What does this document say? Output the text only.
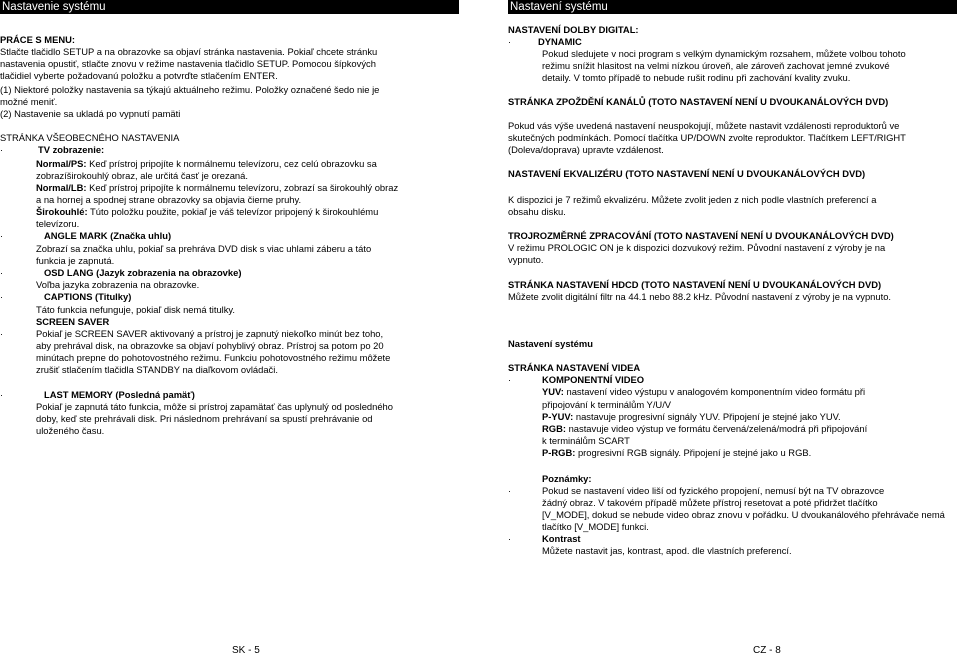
Nastavenie systému
PRÁCE S MENU:
Stlačte tlačidlo SETUP a na obrazovke sa objaví stránka nastavenia. Pokiaľ chcete stránku
nastavenia opustiť, stlačte znovu v režime nastavenia tlačidlo SETUP. Pomocou šípkových
tlačidiel vyberte požadovanú položku a potvrďte stlačením ENTER.
(1) Niektoré položky nastavenia sa týkajú aktuálneho režimu. Položky označené šedo nie je
možné meniť.
(2) Nastavenie sa ukladá po vypnutí pamäti
STRÁNKA VŠEOBECNÉHO NASTAVENIA
·	TV zobrazenie:
Normal/PS: Keď prístroj pripojíte k normálnemu televízoru, cez celú obrazovku sa
zobrazíširokouhlý obraz, ale určitá časť je orezaná.
Normal/LB: Keď prístroj pripojíte k normálnemu televízoru, zobrazí sa širokouhlý obraz
a na hornej a spodnej strane obrazovky sa objavia čierne pruhy.
Širokouhlé: Túto položku použite, pokiaľ je váš televízor pripojený k širokouhlému
televízoru.
·	ANGLE MARK (Značka uhlu)
Zobrazí sa značka uhlu, pokiaľ sa prehráva DVD disk s viac uhlami záberu a táto
funkcia je zapnutá.
·	OSD LANG (Jazyk zobrazenia na obrazovke)
Voľba jazyka zobrazenia na obrazovke.
·	CAPTIONS (Titulky)
Táto funkcia nefunguje, pokiaľ disk nemá titulky.
SCREEN SAVER
·	Pokiaľ je SCREEN SAVER aktivovaný a prístroj je zapnutý niekoľko minút bez toho,
aby prehrával disk, na obrazovke sa objaví pohyblivý obraz. Prístroj sa potom po 20
minútach prepne do pohotovostného režimu. Funkciu pohotovostného režimu môžete
zrušiť stlačením tlačidla STANDBY na diaľkovom ovládači.
·	LAST MEMORY (Posledná pamäť)
Pokiaľ je zapnutá táto funkcia, môže si prístroj zapamätať čas uplynulý od posledného
doby, keď ste prehrávali disk. Pri následnom prehrávaní sa spustí prehrávanie od
uloženého času.
Nastavení systému
NASTAVENÍ DOLBY DIGITAL:
·	DYNAMIC
Pokud sledujete v noci program s velkým dynamickým rozsahem, můžete volbou tohoto
režimu snížit hlasitost na velmi nízkou úroveň, ale zároveň zachovat jemné zvukové
detaily. V tomto případě to nebude rušit rodinu při zachování kvality zvuku.
STRÁNKA ZPOŽDĚNÍ KANÁLŮ (TOTO NASTAVENÍ NENÍ U DVOUKANÁLOVÝCH DVD)
Pokud vás výše uvedená nastavení neuspokojují, můžete nastavit vzdálenosti reproduktorů ve
skutečných podmínkách. Pomocí tlačítka UP/DOWN zvolte reproduktor. Tlačítkem LEFT/RIGHT
(Doleva/doprava) upravte vzdálenost.
NASTAVENÍ EKVALIZÉRU (TOTO NASTAVENÍ NENÍ U DVOUKANÁLOVÝCH DVD)
K dispozici je 7 režimů ekvalizéru. Můžete zvolit jeden z nich podle vlastních preferencí a
obsahu disku.
TROJROZMĚRNÉ ZPRACOVÁNÍ (TOTO NASTAVENÍ NENÍ U DVOUKANÁLOVÝCH DVD)
V režimu PROLOGIC ON je k dispozici dozvukový režim. Původní nastavení z výroby je na
vypnuto.
STRÁNKA NASTAVENÍ HDCD (TOTO NASTAVENÍ NENÍ U DVOUKANÁLOVÝCH DVD)
Můžete zvolit digitální filtr na 44.1 nebo 88.2 kHz. Původní nastavení z výroby je na vypnuto.
Nastavení systému
STRÁNKA NASTAVENÍ VIDEA
·	KOMPONENTNÍ VIDEO
YUV: nastavení video výstupu v analogovém komponentním video formátu při
připojování k terminálům Y/U/V
P-YUV: nastavuje progresivní signály YUV. Připojení je stejné jako YUV.
RGB: nastavuje video výstup ve formátu červená/zelená/modrá při připojování
k terminálům SCART
P-RGB: progresivní RGB signály. Připojení je stejné jako u RGB.
Poznámky:
·	Pokud se nastavení video liší od fyzického propojení, nemusí být na TV obrazovce
žádný obraz. V takovém případě můžete přístroj resetovat a poté přidržet tlačítko
[V_MODE], dokud se nebude video obraz znovu v pořádku. U dvoukanálového přehrávače nemá
tlačítko [V_MODE] funkci.
·	Kontrast
Můžete nastavit jas, kontrast, apod. dle vlastních preferencí.
SK - 5	CZ - 8
